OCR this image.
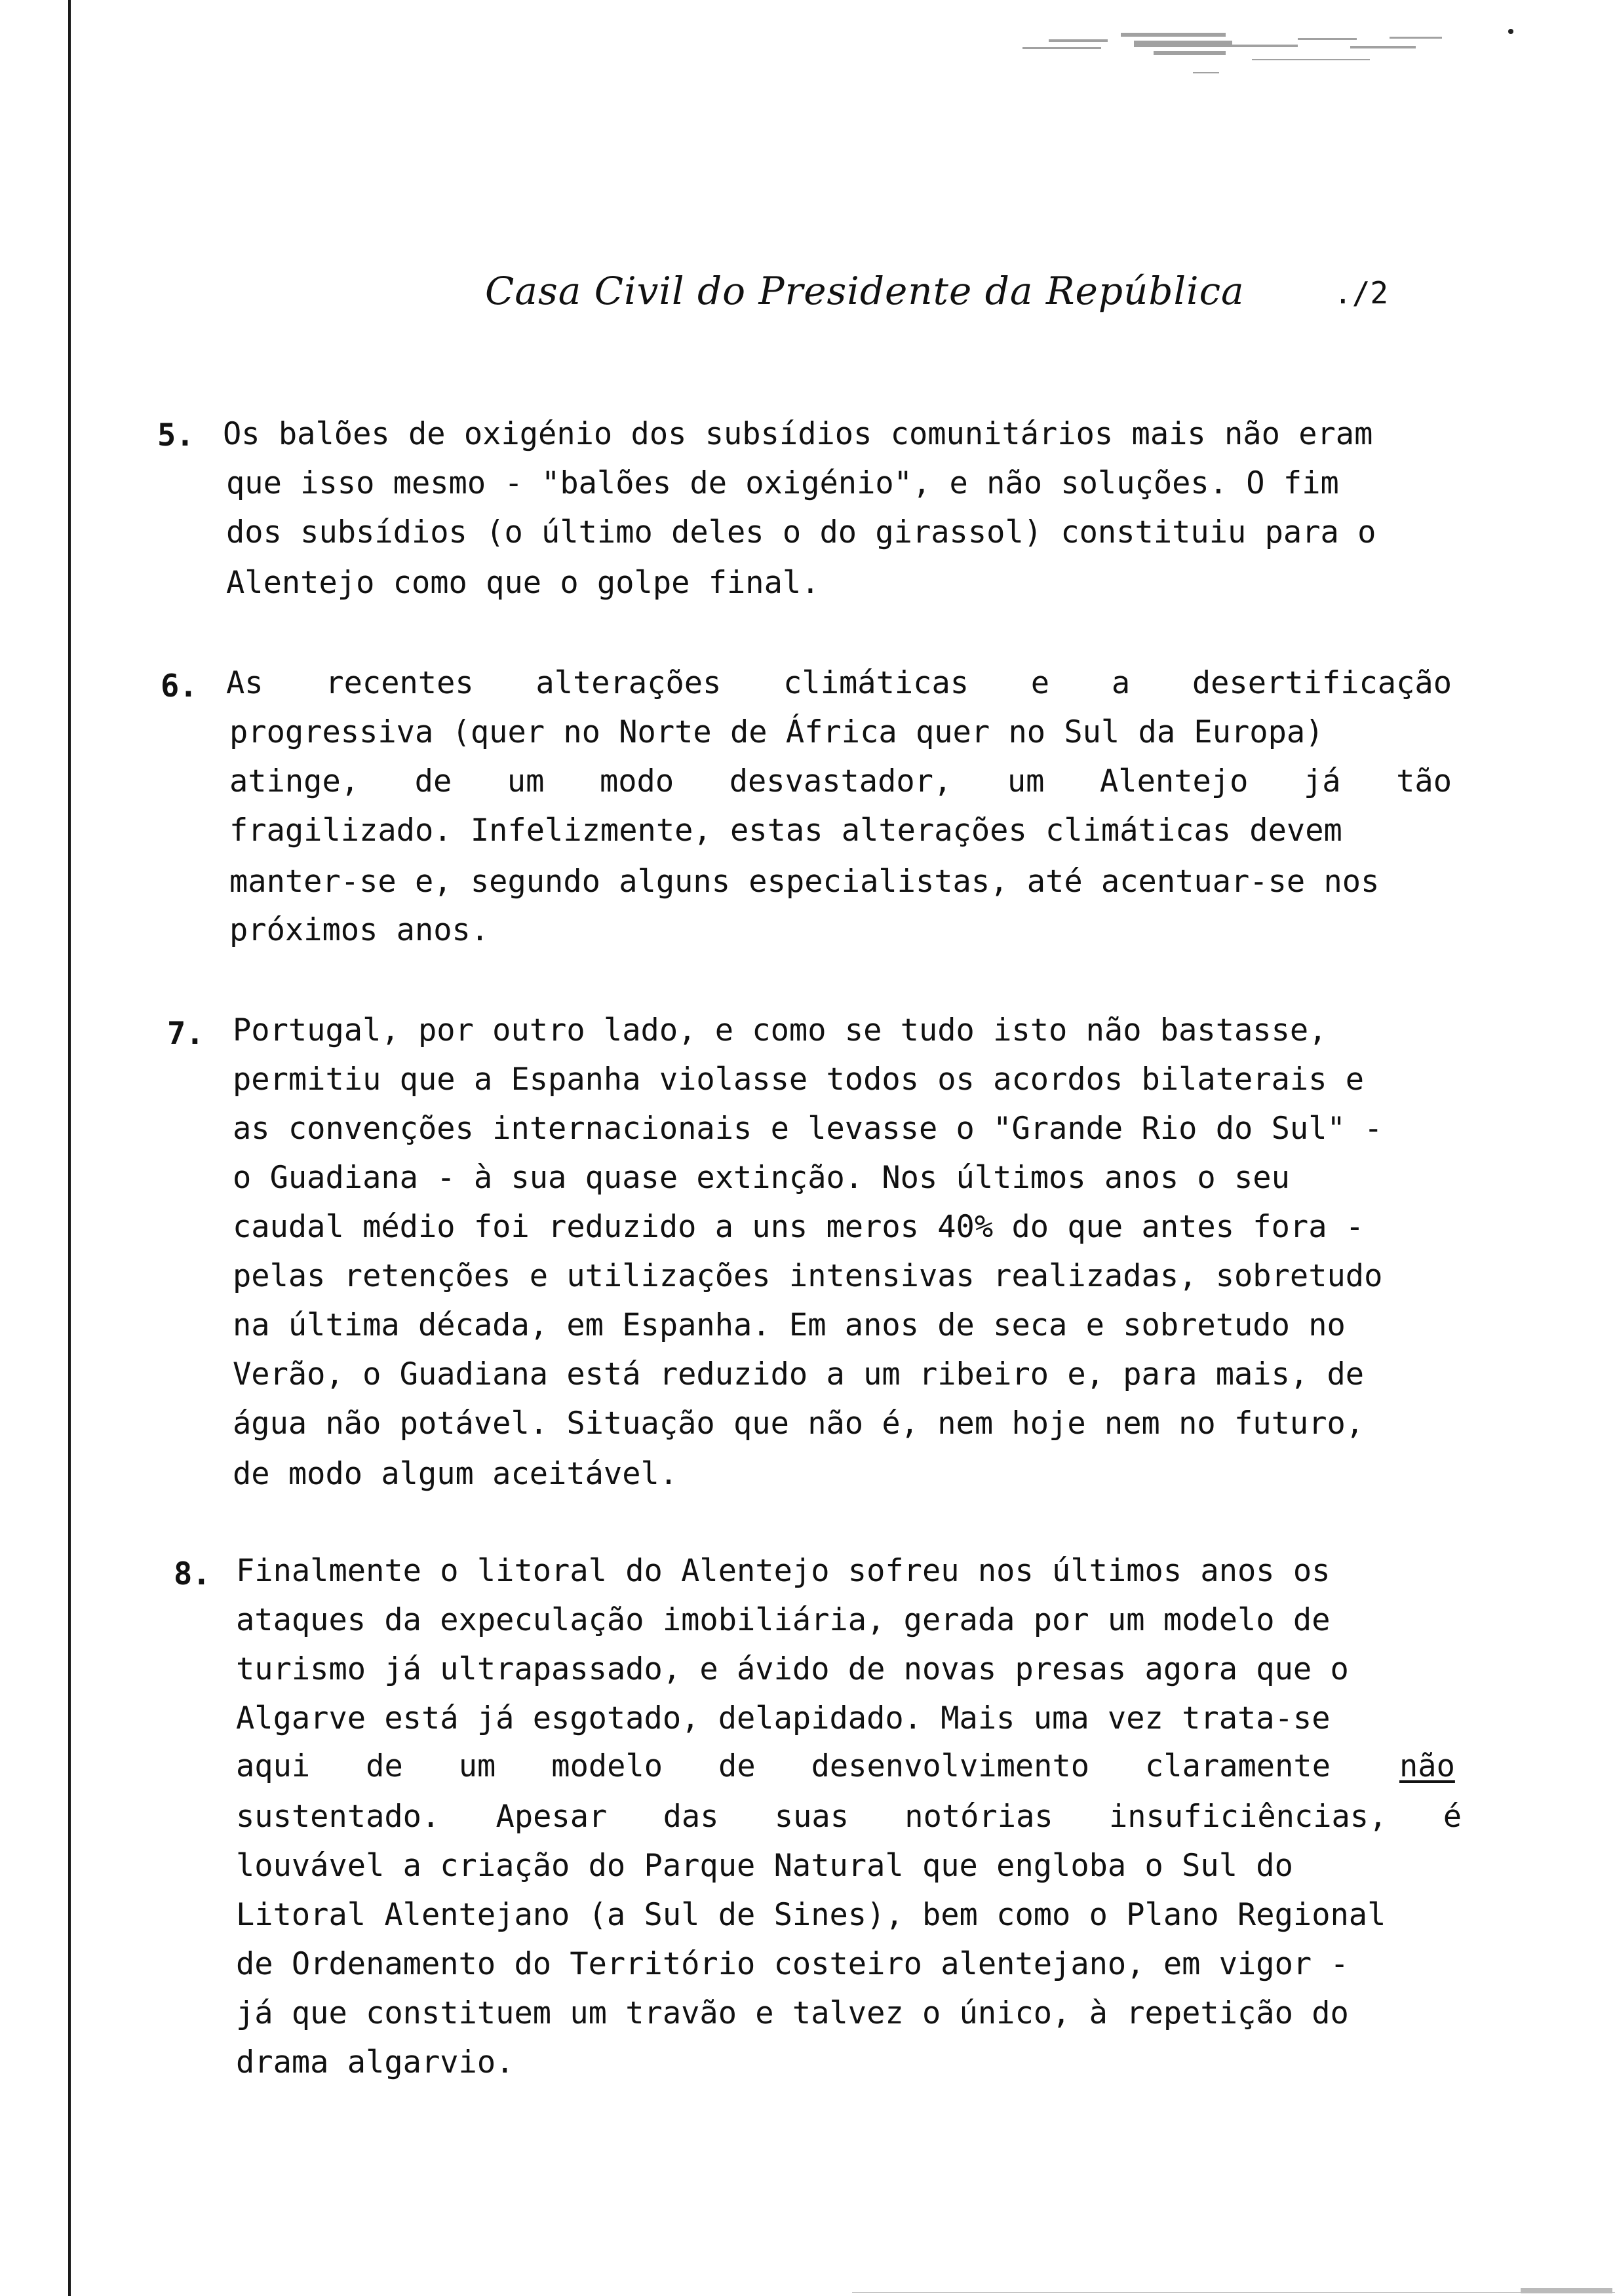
Casa Civil do Presidente da República	./2
5. Os balões de oxigénio dos subsídios comunitários mais não eram
que isso mesmo - "balões de oxigénio", e não soluções. O fim
dos subsídios (o último deles o do girassol) constituiu para o
Alentejo como que o golpe final.
6. As recentes alterações climáticas e a desertificação
progressiva (quer no Norte de África quer no Sul da Europa)
atinge, de um modo desvastador, um Alentejo já tão
fragilizado. Infelizmente, estas alterações climáticas devem
manter-se e, segundo alguns especialistas, até acentuar-se nos
próximos anos.
7. Portugal, por outro lado, e como se tudo isto não bastasse,
permitiu que a Espanha violasse todos os acordos bilaterais e
as convenções internacionais e levasse o "Grande Rio do Sul" -
o Guadiana - à sua quase extinção. Nos últimos anos o seu
caudal médio foi reduzido a uns meros 40% do que antes fora -
pelas retenções e utilizações intensivas realizadas, sobretudo
na última década, em Espanha. Em anos de seca e sobretudo no
Verão, o Guadiana está reduzido a um ribeiro e, para mais, de
água não potável. Situação que não é, nem hoje nem no futuro,
de modo algum aceitável.
8. Finalmente o litoral do Alentejo sofreu nos últimos anos os
ataques da expeculação imobiliária, gerada por um modelo de
turismo já ultrapassado, e ávido de novas presas agora que o
Algarve está já esgotado, delapidado. Mais uma vez trata-se
aqui de um modelo de desenvolvimento claramente não
sustentado. Apesar das suas notórias insuficiências, é
louvável a criação do Parque Natural que engloba o Sul do
Litoral Alentejano (a Sul de Sines), bem como o Plano Regional
de Ordenamento do Território costeiro alentejano, em vigor -
já que constituem um travão e talvez o único, à repetição do
drama algarvio.
